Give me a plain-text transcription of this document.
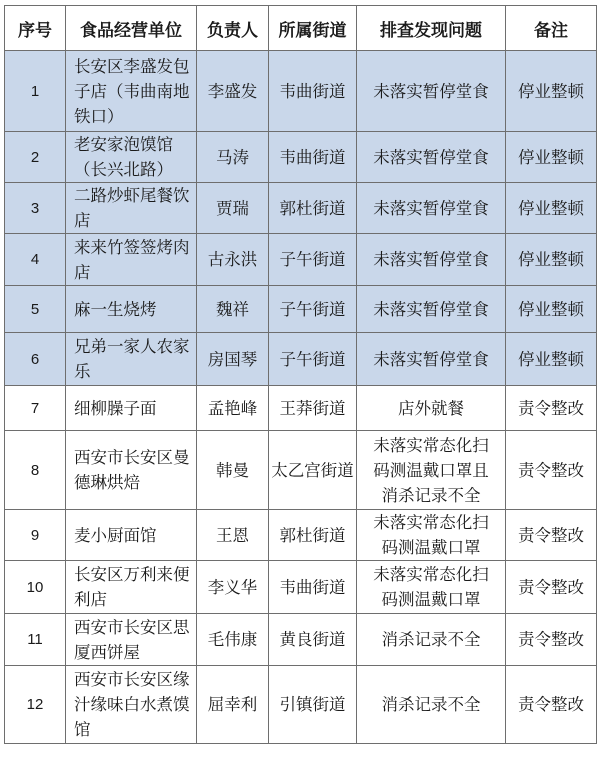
序号	食品经营单位	负责人	所属街道	排查发现问题	备注
1	长安区李盛发包子店（韦曲南地铁口）	李盛发	韦曲街道	未落实暂停堂食	停业整顿
2	老安家泡馍馆（长兴北路）	马涛	韦曲街道	未落实暂停堂食	停业整顿
3	二路炒虾尾餐饮店	贾瑞	郭杜街道	未落实暂停堂食	停业整顿
4	来来竹签签烤肉店	古永洪	子午街道	未落实暂停堂食	停业整顿
5	麻一生烧烤	魏祥	子午街道	未落实暂停堂食	停业整顿
6	兄弟一家人农家乐	房国琴	子午街道	未落实暂停堂食	停业整顿
7	细柳臊子面	孟艳峰	王莽街道	店外就餐	责令整改
8	西安市长安区曼德琳烘焙	韩曼	太乙宫街道	未落实常态化扫码测温戴口罩且消杀记录不全	责令整改
9	麦小厨面馆	王恩	郭杜街道	未落实常态化扫码测温戴口罩	责令整改
10	长安区万利来便利店	李义华	韦曲街道	未落实常态化扫码测温戴口罩	责令整改
11	西安市长安区思厦西饼屋	毛伟康	黄良街道	消杀记录不全	责令整改
12	西安市长安区缘汁缘味白水煮馍馆	屈幸利	引镇街道	消杀记录不全	责令整改
